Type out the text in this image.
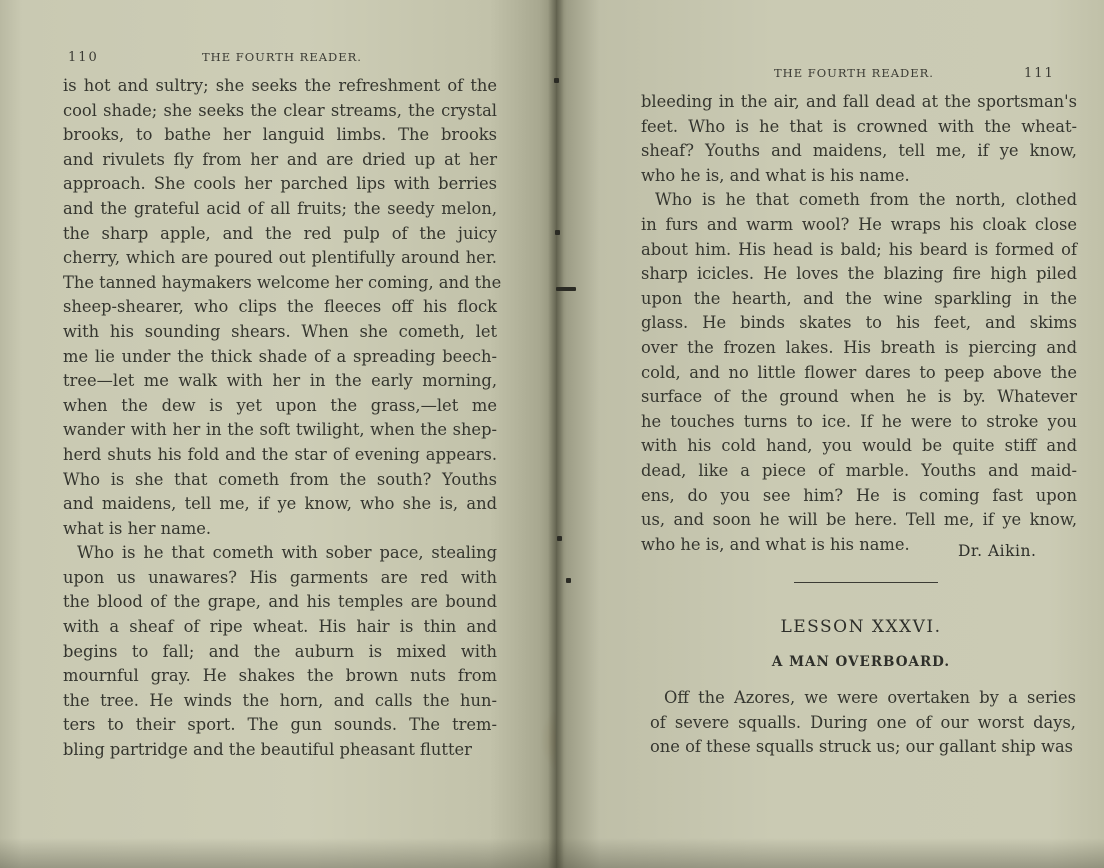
110	THE FOURTH READER.
is hot and sultry; she seeks the refreshment of the
cool shade; she seeks the clear streams, the crystal
brooks, to bathe her languid limbs. The brooks
and rivulets fly from her and are dried up at her
approach. She cools her parched lips with berries
and the grateful acid of all fruits; the seedy melon,
the sharp apple, and the red pulp of the juicy
cherry, which are poured out plentifully around her.
The tanned haymakers welcome her coming, and the
sheep-shearer, who clips the fleeces off his flock
with his sounding shears. When she cometh, let
me lie under the thick shade of a spreading beech-
tree—let me walk with her in the early morning,
when the dew is yet upon the grass,—let me
wander with her in the soft twilight, when the shep-
herd shuts his fold and the star of evening appears.
Who is she that cometh from the south? Youths
and maidens, tell me, if ye know, who she is, and
what is her name.
Who is he that cometh with sober pace, stealing
upon us unawares? His garments are red with
the blood of the grape, and his temples are bound
with a sheaf of ripe wheat. His hair is thin and
begins to fall; and the auburn is mixed with
mournful gray. He shakes the brown nuts from
the tree. He winds the horn, and calls the hun-
ters to their sport. The gun sounds. The trem-
bling partridge and the beautiful pheasant flutter
THE FOURTH READER.	111
bleeding in the air, and fall dead at the sportsman's
feet. Who is he that is crowned with the wheat-
sheaf? Youths and maidens, tell me, if ye know,
who he is, and what is his name.
Who is he that cometh from the north, clothed
in furs and warm wool? He wraps his cloak close
about him. His head is bald; his beard is formed of
sharp icicles. He loves the blazing fire high piled
upon the hearth, and the wine sparkling in the
glass. He binds skates to his feet, and skims
over the frozen lakes. His breath is piercing and
cold, and no little flower dares to peep above the
surface of the ground when he is by. Whatever
he touches turns to ice. If he were to stroke you
with his cold hand, you would be quite stiff and
dead, like a piece of marble. Youths and maid-
ens, do you see him? He is coming fast upon
us, and soon he will be here. Tell me, if ye know,
who he is, and what is his name.	Dr. Aikin.
LESSON XXXVI.
A MAN OVERBOARD.
Off the Azores, we were overtaken by a series
of severe squalls. During one of our worst days,
one of these squalls struck us; our gallant ship was
